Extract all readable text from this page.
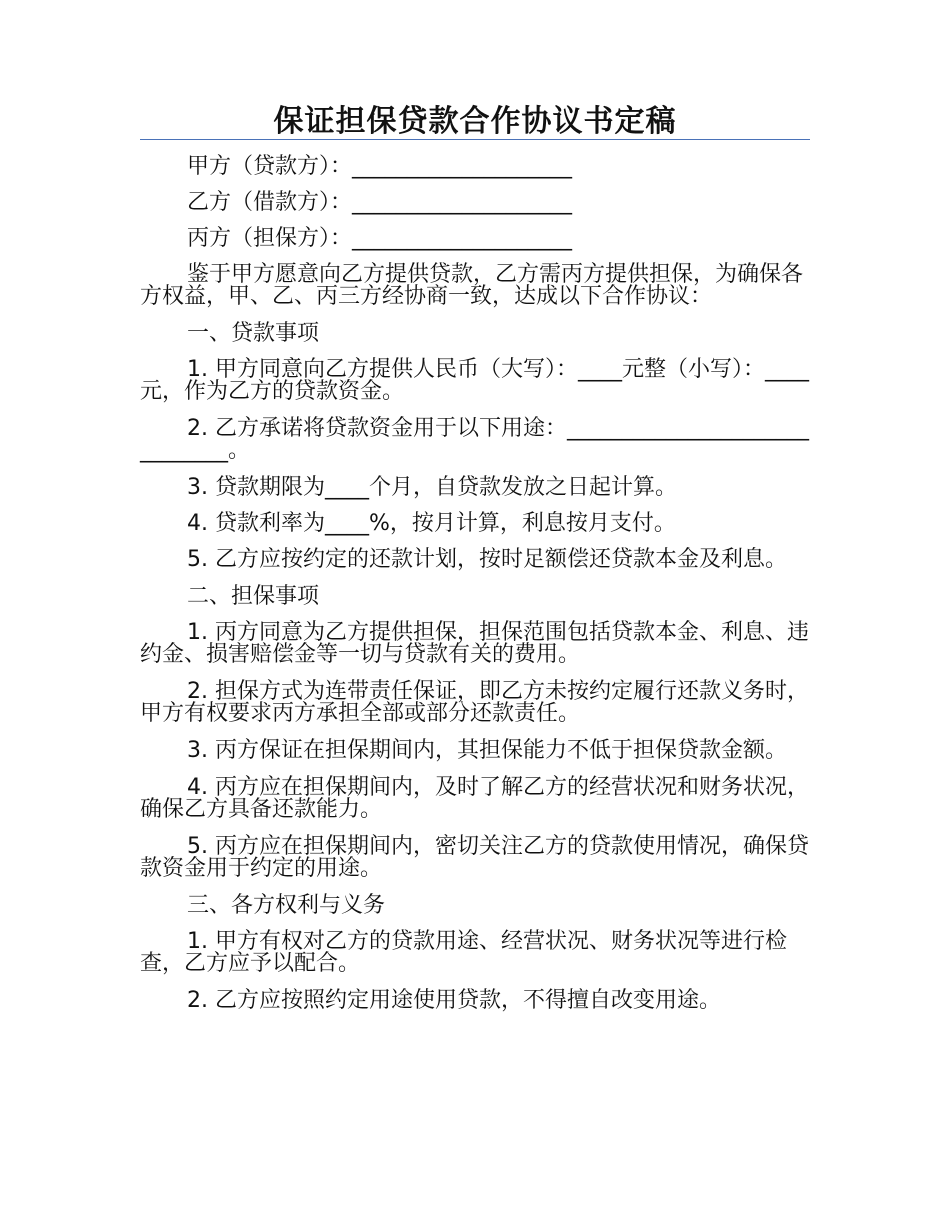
保证担保贷款合作协议书定稿

甲方（贷款方）：____________________

乙方（借款方）：____________________

丙方（担保方）：____________________

鉴于甲方愿意向乙方提供贷款，乙方需丙方提供担保，为确保各方权益，甲、乙、丙三方经协商一致，达成以下合作协议：

一、贷款事项

1. 甲方同意向乙方提供人民币（大写）：____元整（小写）：____元，作为乙方的贷款资金。

2. 乙方承诺将贷款资金用于以下用途：______________________________。

3. 贷款期限为____个月，自贷款发放之日起计算。

4. 贷款利率为____%，按月计算，利息按月支付。

5. 乙方应按约定的还款计划，按时足额偿还贷款本金及利息。

二、担保事项

1. 丙方同意为乙方提供担保，担保范围包括贷款本金、利息、违约金、损害赔偿金等一切与贷款有关的费用。

2. 担保方式为连带责任保证，即乙方未按约定履行还款义务时，甲方有权要求丙方承担全部或部分还款责任。

3. 丙方保证在担保期间内，其担保能力不低于担保贷款金额。

4. 丙方应在担保期间内，及时了解乙方的经营状况和财务状况，确保乙方具备还款能力。

5. 丙方应在担保期间内，密切关注乙方的贷款使用情况，确保贷款资金用于约定的用途。

三、各方权利与义务

1. 甲方有权对乙方的贷款用途、经营状况、财务状况等进行检查，乙方应予以配合。

2. 乙方应按照约定用途使用贷款，不得擅自改变用途。
